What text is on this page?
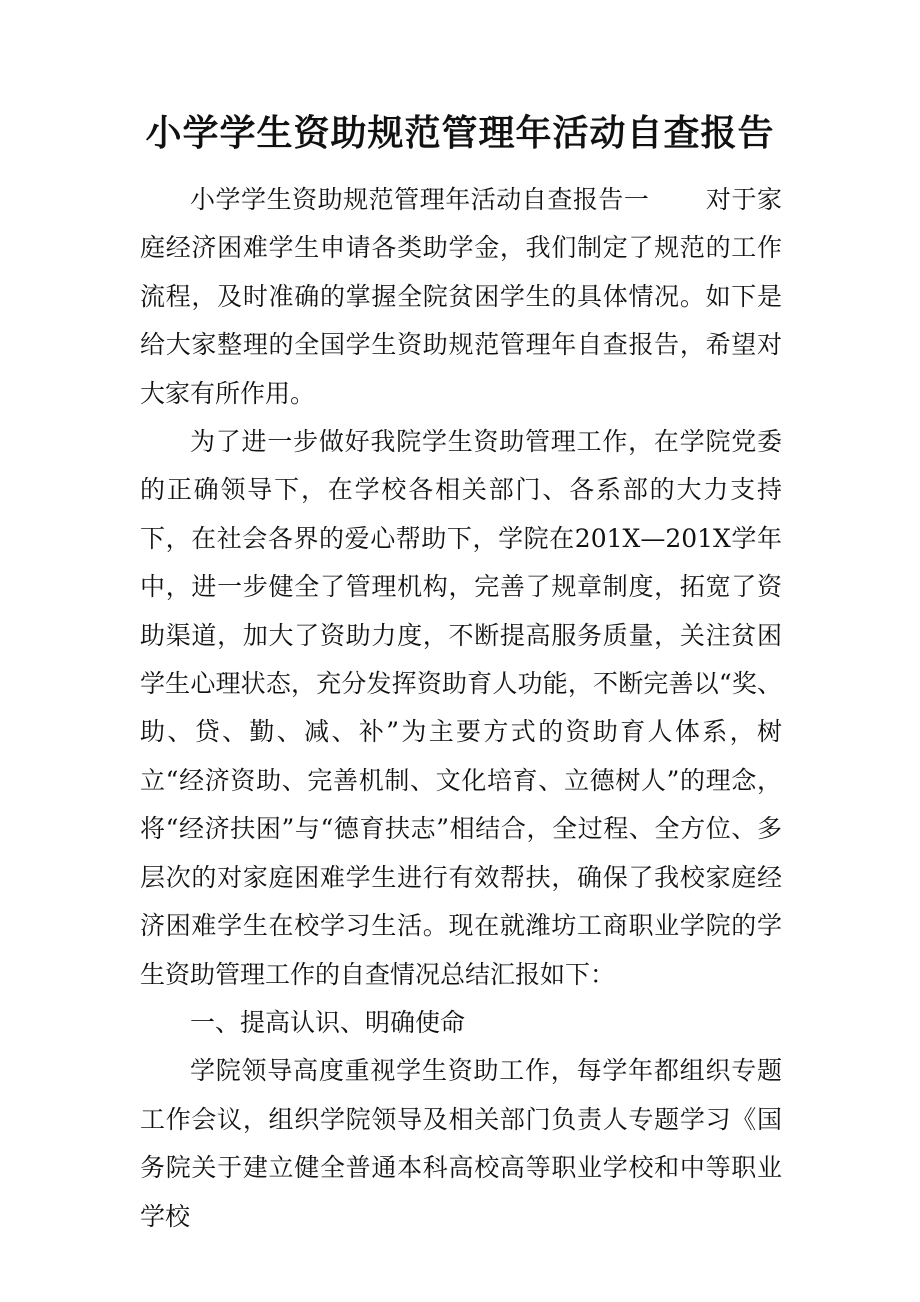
小学学生资助规范管理年活动自查报告

小学学生资助规范管理年活动自查报告一 对于家庭经济困难学生申请各类助学金，我们制定了规范的工作流程，及时准确的掌握全院贫困学生的具体情况。如下是给大家整理的全国学生资助规范管理年自查报告，希望对大家有所作用。

为了进一步做好我院学生资助管理工作，在学院党委的正确领导下，在学校各相关部门、各系部的大力支持下，在社会各界的爱心帮助下，学院在201X—201X学年中，进一步健全了管理机构，完善了规章制度，拓宽了资助渠道，加大了资助力度，不断提高服务质量，关注贫困学生心理状态，充分发挥资助育人功能，不断完善以“奖、助、贷、勤、减、补”为主要方式的资助育人体系，树立“经济资助、完善机制、文化培育、立德树人”的理念，将“经济扶困”与“德育扶志”相结合，全过程、全方位、多层次的对家庭困难学生进行有效帮扶，确保了我校家庭经济困难学生在校学习生活。现在就潍坊工商职业学院的学生资助管理工作的自查情况总结汇报如下：

一、提高认识、明确使命

学院领导高度重视学生资助工作，每学年都组织专题工作会议，组织学院领导及相关部门负责人专题学习《国务院关于建立健全普通本科高校高等职业学校和中等职业学校
